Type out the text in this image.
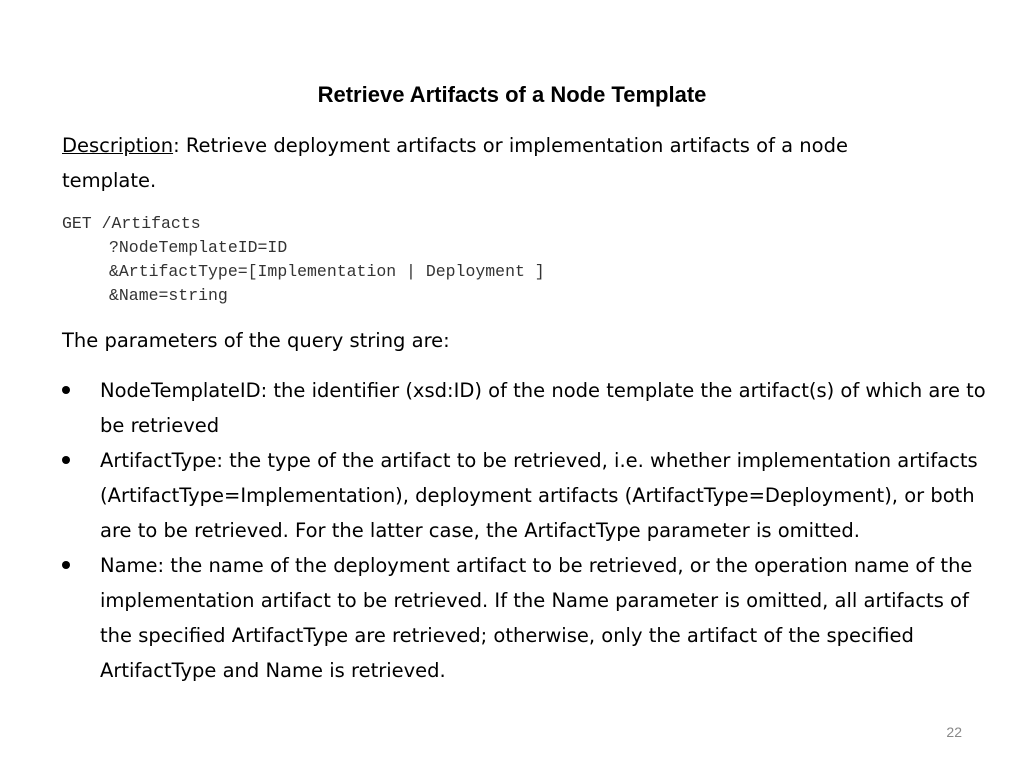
Retrieve Artifacts of a Node Template
Description: Retrieve deployment artifacts or implementation artifacts of a node template.
GET /Artifacts
?NodeTemplateID=ID
&ArtifactType=[Implementation | Deployment ]
&Name=string
The parameters of the query string are:
NodeTemplateID: the identifier (xsd:ID) of the node template the artifact(s) of which are to be retrieved
ArtifactType: the type of the artifact to be retrieved, i.e. whether implementation artifacts (ArtifactType=Implementation), deployment artifacts (ArtifactType=Deployment), or both are to be retrieved. For the latter case, the ArtifactType parameter is omitted.
Name: the name of the deployment artifact to be retrieved, or the operation name of the implementation artifact to be retrieved. If the Name parameter is omitted, all artifacts of the specified ArtifactType are retrieved; otherwise, only the artifact of the specified ArtifactType and Name is retrieved.
22
